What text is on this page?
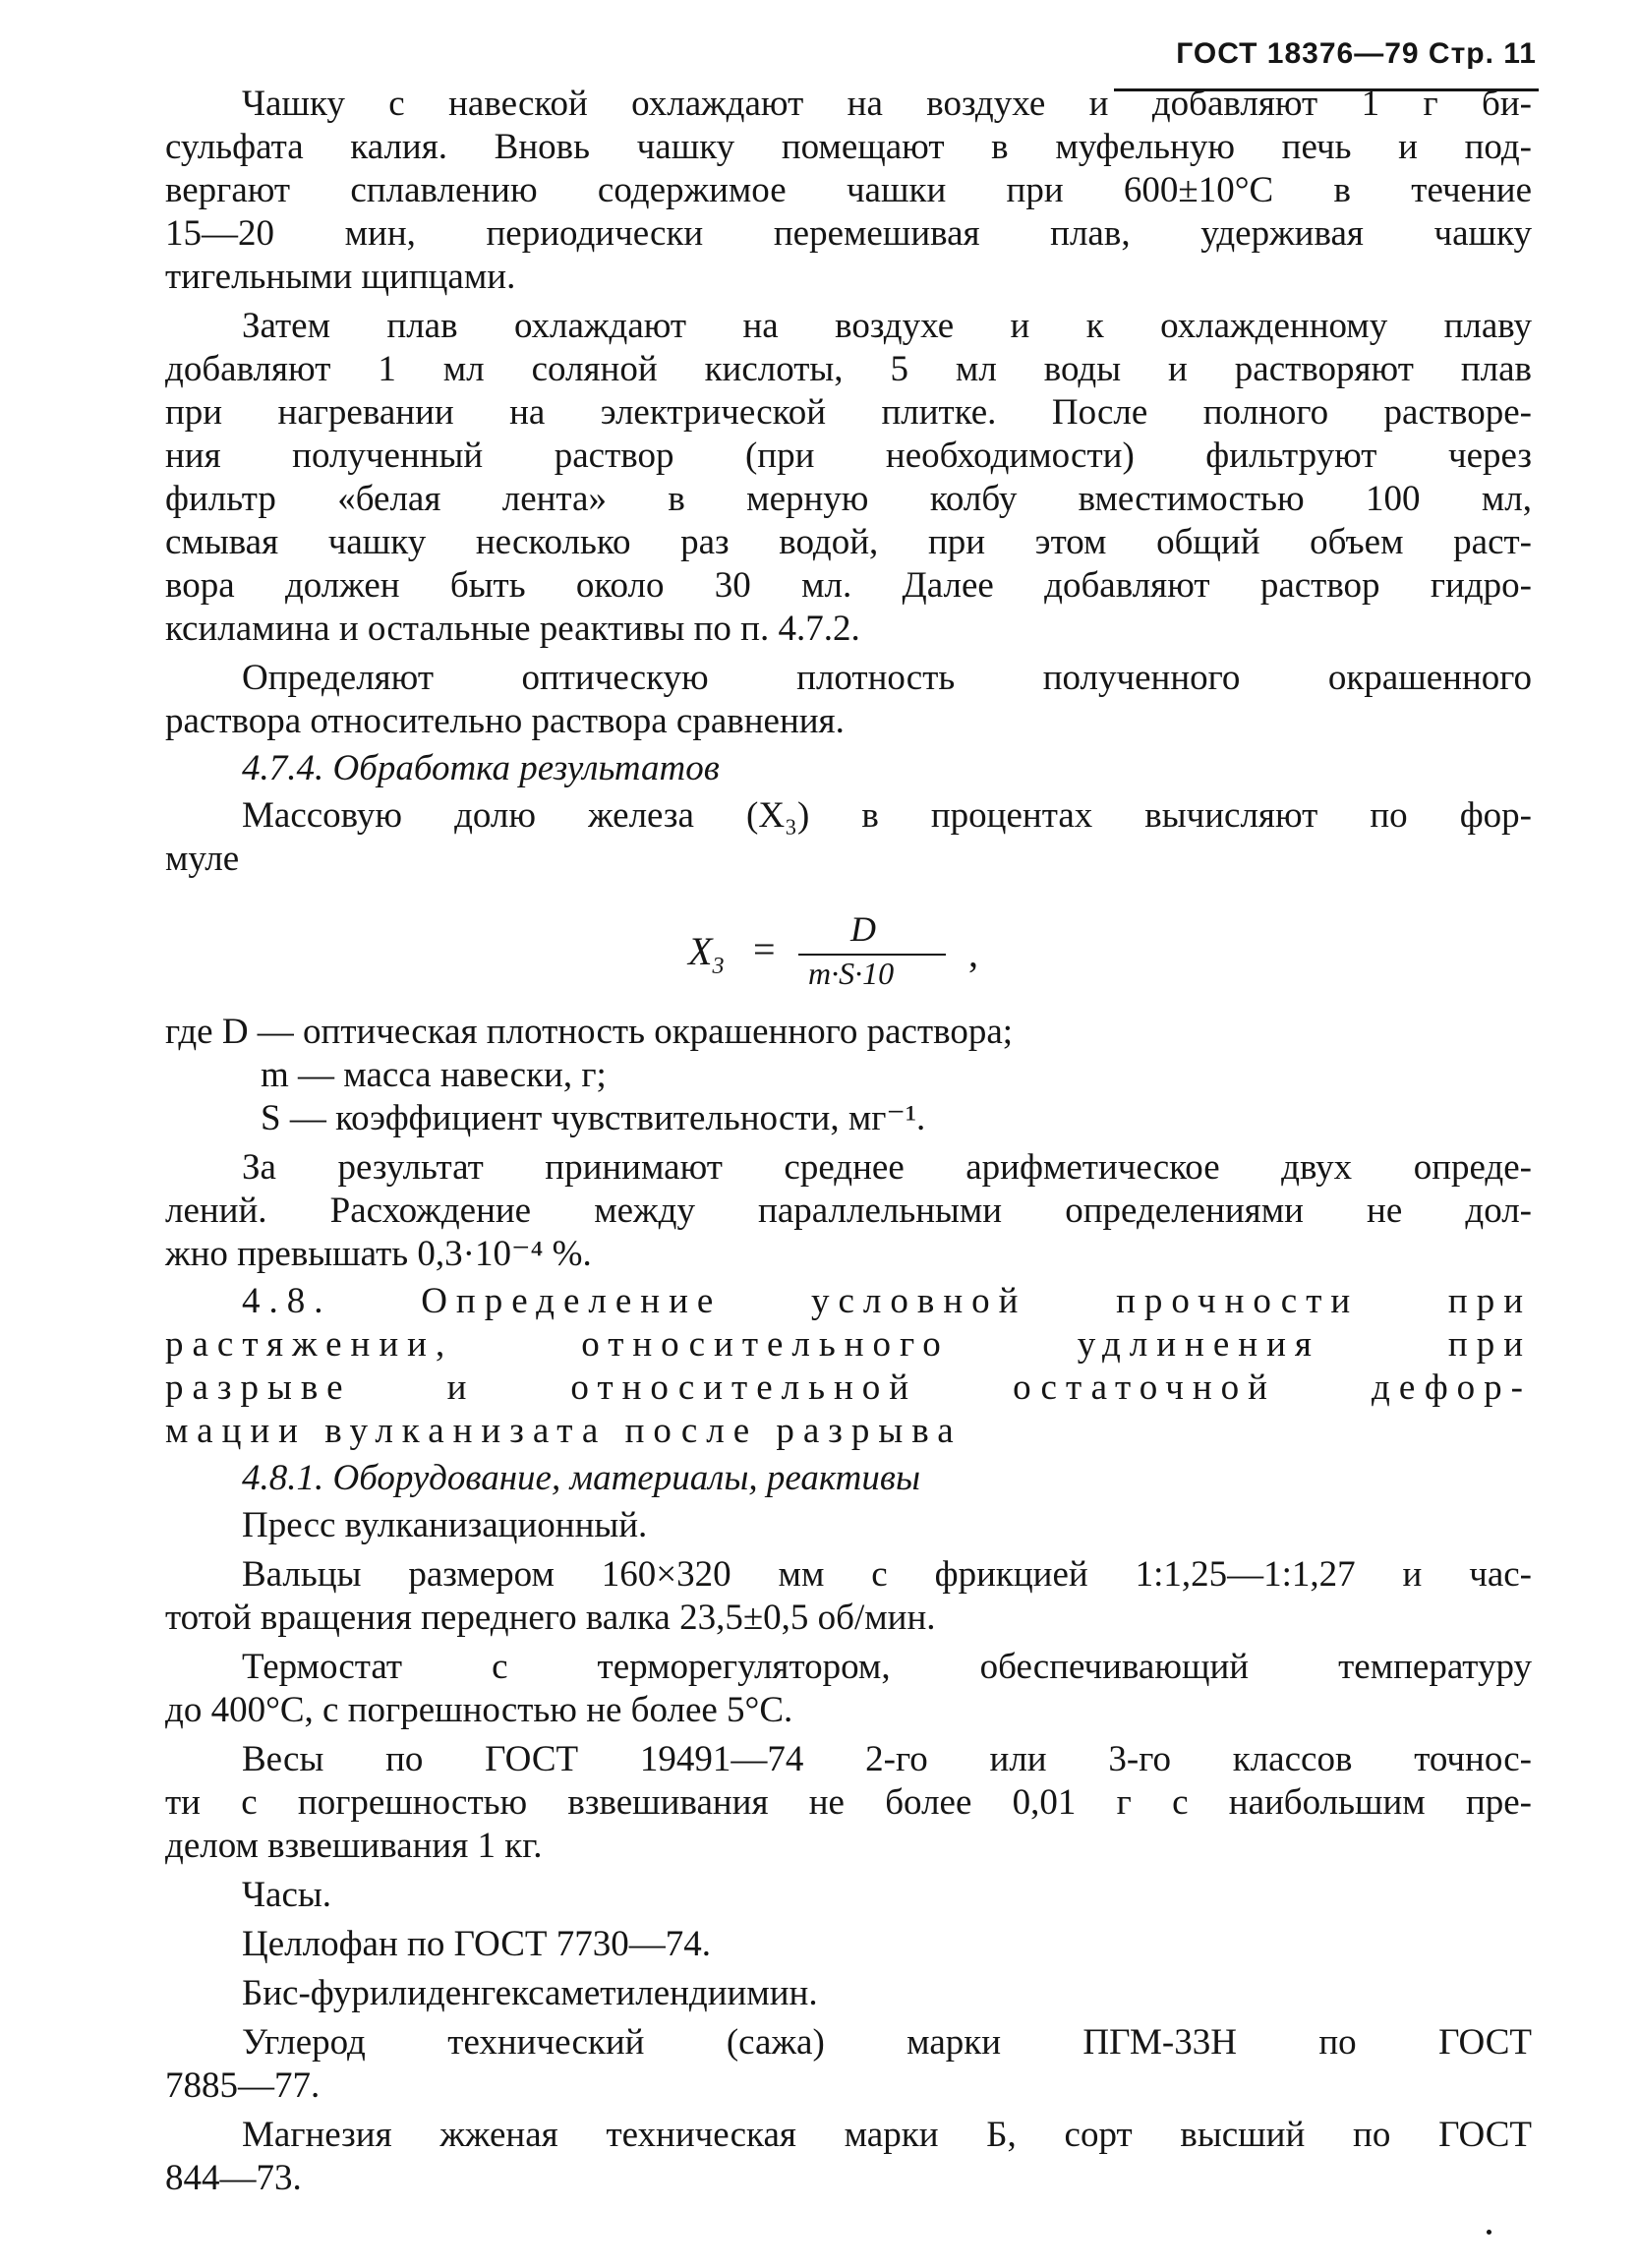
ГОСТ 18376—79 Стр. 11
Чашку с навеской охлаждают на воздухе и добавляют 1 г би-
сульфата калия. Вновь чашку помещают в муфельную печь и под-
вергают сплавлению содержимое чашки при 600±10°С в течение
15—20 мин, периодически перемешивая плав, удерживая чашку
тигельными щипцами.
Затем плав охлаждают на воздухе и к охлажденному плаву
добавляют 1 мл соляной кислоты, 5 мл воды и растворяют плав
при нагревании на электрической плитке. После полного растворе-
ния полученный раствор (при необходимости) фильтруют через
фильтр «белая лента» в мерную колбу вместимостью 100 мл,
смывая чашку несколько раз водой, при этом общий объем раст-
вора должен быть около 30 мл. Далее добавляют раствор гидро-
ксиламина и остальные реактивы по п. 4.7.2.
Определяют оптическую плотность полученного окрашенного
раствора относительно раствора сравнения.
4.7.4. Обработка результатов
Массовую долю железа (X₃) в процентах вычисляют по фор-
муле
$X_3 = D$
m·S·10 ,
где D — оптическая плотность окрашенного раствора;
m — масса навески, г;
S — коэффициент чувствительности, мг⁻¹.
За результат принимают среднее арифметическое двух опреде-
лений. Расхождение между параллельными определениями не дол-
жно превышать 0,3·10⁻⁴ %.
4.8. Определение условной прочности при
растяжении, относительного удлинения при
разрыве и относительной остаточной дефор-
мации вулканизата после разрыва
4.8.1. Оборудование, материалы, реактивы
Пресс вулканизационный.
Вальцы размером 160×320 мм с фрикцией 1:1,25—1:1,27 и час-
тотой вращения переднего валка 23,5±0,5 об/мин.
Термостат с терморегулятором, обеспечивающий температуру
до 400°С, с погрешностью не более 5°С.
Весы по ГОСТ 19491—74 2-го или 3-го классов точнос-
ти с погрешностью взвешивания не более 0,01 г с наибольшим пре-
делом взвешивания 1 кг.
Часы.
Целлофан по ГОСТ 7730—74.
Бис-фурилиденгексаметилендиимин.
Углерод технический (сажа) марки ПГМ-33Н по ГОСТ
7885—77.
Магнезия жженая техническая марки Б, сорт высший по ГОСТ
844—73.
